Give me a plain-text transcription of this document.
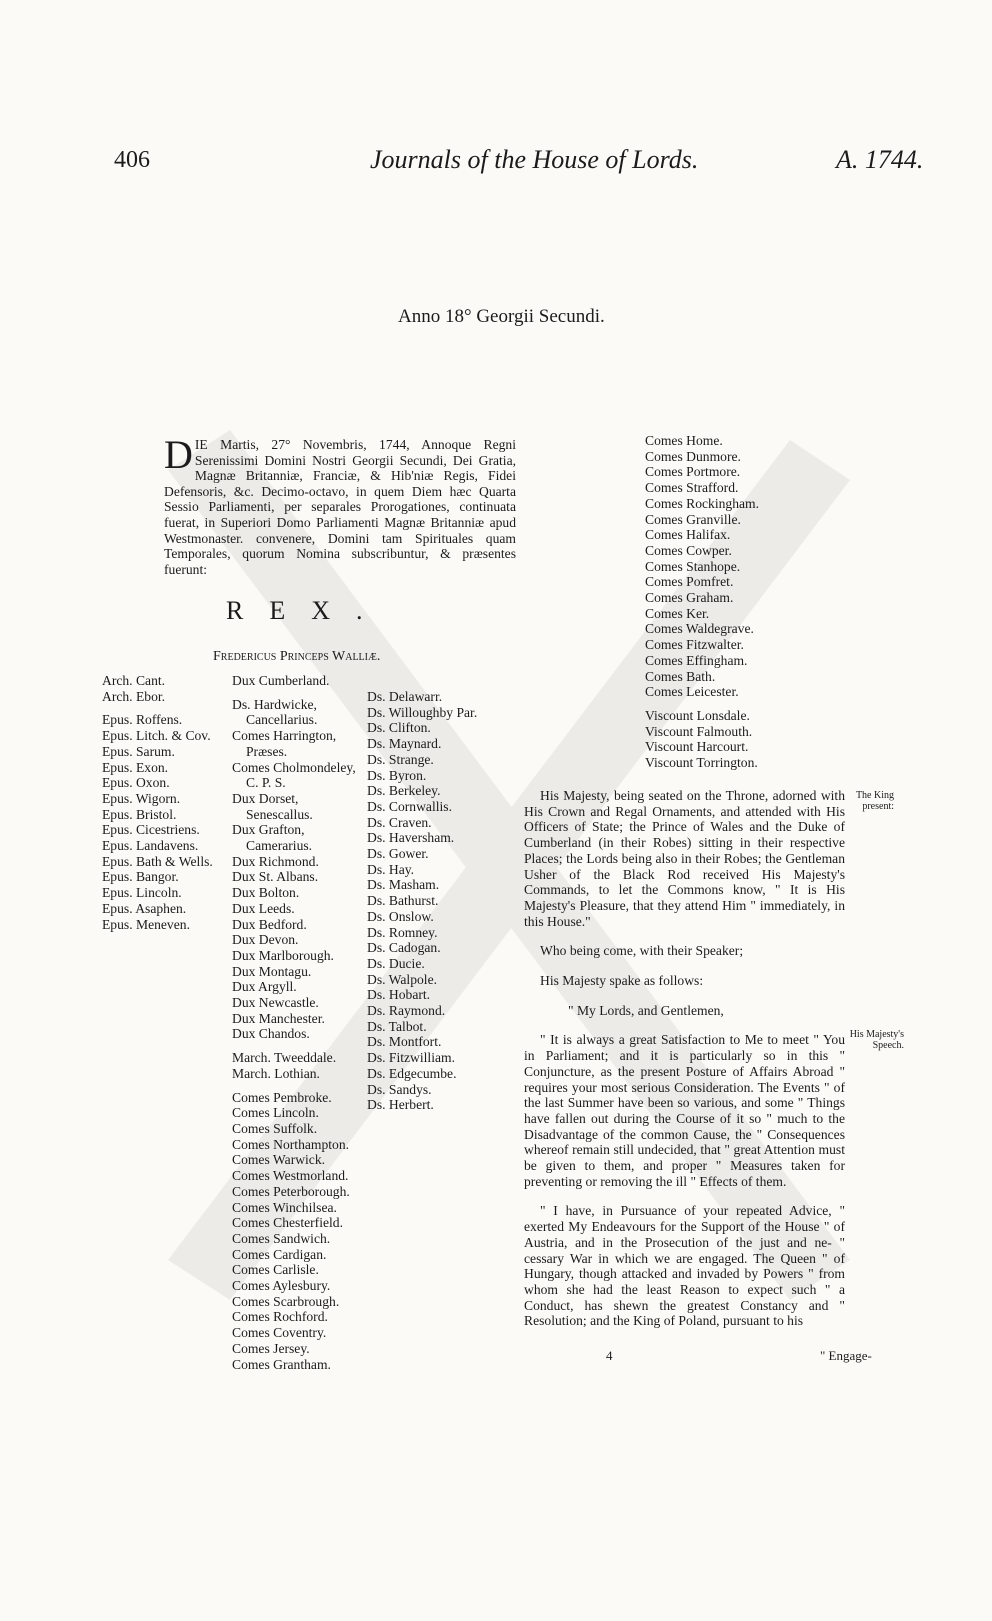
406	Journals of the House of Lords.	A. 1744.
Anno 18° Georgii Secundi.
DIE Martis, 27° Novembris, 1744, Annoque Regni Serenissimi Domini Nostri Georgii Secundi, Dei Gratia, Magnæ Britanniæ, Franciæ, & Hib'niæ Regis, Fidei Defensoris, &c. Decimo-octavo, in quem Diem hæc Quarta Sessio Parliamenti, per separales Prorogationes, continuata fuerat, in Superiori Domo Parliamenti Magnæ Britanniæ apud Westmonaster. convenere, Domini tam Spirituales quam Temporales, quorum Nomina subscribuntur, & præsentes fuerunt:
REX.
Fredericus Princeps Walliæ.
Arch. Cant.
Arch. Ebor.
Epus. Roffens.
Epus. Litch. & Cov.
Epus. Sarum.
Epus. Exon.
Epus. Oxon.
Epus. Wigorn.
Epus. Bristol.
Epus. Cicestriens.
Epus. Landavens.
Epus. Bath & Wells.
Epus. Bangor.
Epus. Lincoln.
Epus. Asaphen.
Epus. Meneven.
Dux Cumberland.
Ds. Hardwicke,
Cancellarius.
Comes Harrington,
Præses.
Comes Cholmondeley,
C. P. S.
Dux Dorset,
Senescallus.
Dux Grafton,
Camerarius.
Dux Richmond.
Dux St. Albans.
Dux Bolton.
Dux Leeds.
Dux Bedford.
Dux Devon.
Dux Marlborough.
Dux Montagu.
Dux Argyll.
Dux Newcastle.
Dux Manchester.
Dux Chandos.
March. Tweeddale.
March. Lothian.
Comes Pembroke.
Comes Lincoln.
Comes Suffolk.
Comes Northampton.
Comes Warwick.
Comes Westmorland.
Comes Peterborough.
Comes Winchilsea.
Comes Chesterfield.
Comes Sandwich.
Comes Cardigan.
Comes Carlisle.
Comes Aylesbury.
Comes Scarbrough.
Comes Rochford.
Comes Coventry.
Comes Jersey.
Comes Grantham.
Ds. Delawarr.
Ds. Willoughby Par.
Ds. Clifton.
Ds. Maynard.
Ds. Strange.
Ds. Byron.
Ds. Berkeley.
Ds. Cornwallis.
Ds. Craven.
Ds. Haversham.
Ds. Gower.
Ds. Hay.
Ds. Masham.
Ds. Bathurst.
Ds. Onslow.
Ds. Romney.
Ds. Cadogan.
Ds. Ducie.
Ds. Walpole.
Ds. Hobart.
Ds. Raymond.
Ds. Talbot.
Ds. Montfort.
Ds. Fitzwilliam.
Ds. Edgecumbe.
Ds. Sandys.
Ds. Herbert.
Comes Home.
Comes Dunmore.
Comes Portmore.
Comes Strafford.
Comes Rockingham.
Comes Granville.
Comes Halifax.
Comes Cowper.
Comes Stanhope.
Comes Pomfret.
Comes Graham.
Comes Ker.
Comes Waldegrave.
Comes Fitzwalter.
Comes Effingham.
Comes Bath.
Comes Leicester.
Viscount Lonsdale.
Viscount Falmouth.
Viscount Harcourt.
Viscount Torrington.

His Majesty, being seated on the Throne, adorned with His Crown and Regal Ornaments, and attended with His Officers of State; the Prince of Wales and the Duke of Cumberland (in their Robes) sitting in their respective Places; the Lords being also in their Robes; the Gentleman Usher of the Black Rod received His Majesty's Commands, to let the Commons know, " It is His Majesty's Pleasure, that they attend Him " immediately, in this House."

Who being come, with their Speaker;

His Majesty spake as follows:

" My Lords, and Gentlemen,

" It is always a great Satisfaction to Me to meet " You in Parliament; and it is particularly so in this " Conjuncture, as the present Posture of Affairs Abroad " requires your most serious Consideration. The Events " of the last Summer have been so various, and some " Things have fallen out during the Course of it so " much to the Disadvantage of the common Cause, the " Consequences whereof remain still undecided, that " great Attention must be given to them, and proper " Measures taken for preventing or removing the ill " Effects of them.

" I have, in Pursuance of your repeated Advice, " exerted My Endeavours for the Support of the House " of Austria, and in the Prosecution of the just and ne- " cessary War in which we are engaged. The Queen " of Hungary, though attacked and invaded by Powers " from whom she had the least Reason to expect such " a Conduct, has shewn the greatest Constancy and " Resolution; and the King of Poland, pursuant to his

The King present:
His Majesty's Speech.
4	" Engage-
